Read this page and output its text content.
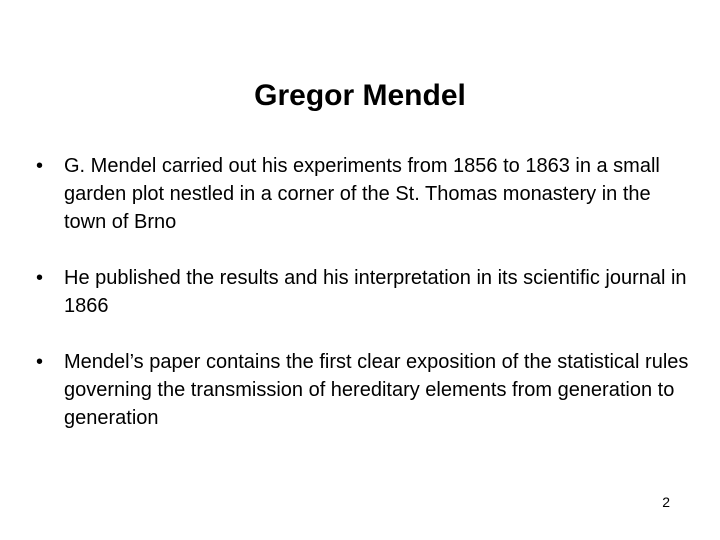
Gregor Mendel
• G. Mendel carried out his experiments from 1856 to 1863 in a small garden plot nestled in a corner of the St. Thomas monastery in the town of Brno
• He published the results and his interpretation in its scientific journal in 1866
• Mendel’s paper contains the first clear exposition of the statistical rules governing the transmission of hereditary elements from generation to generation
2
